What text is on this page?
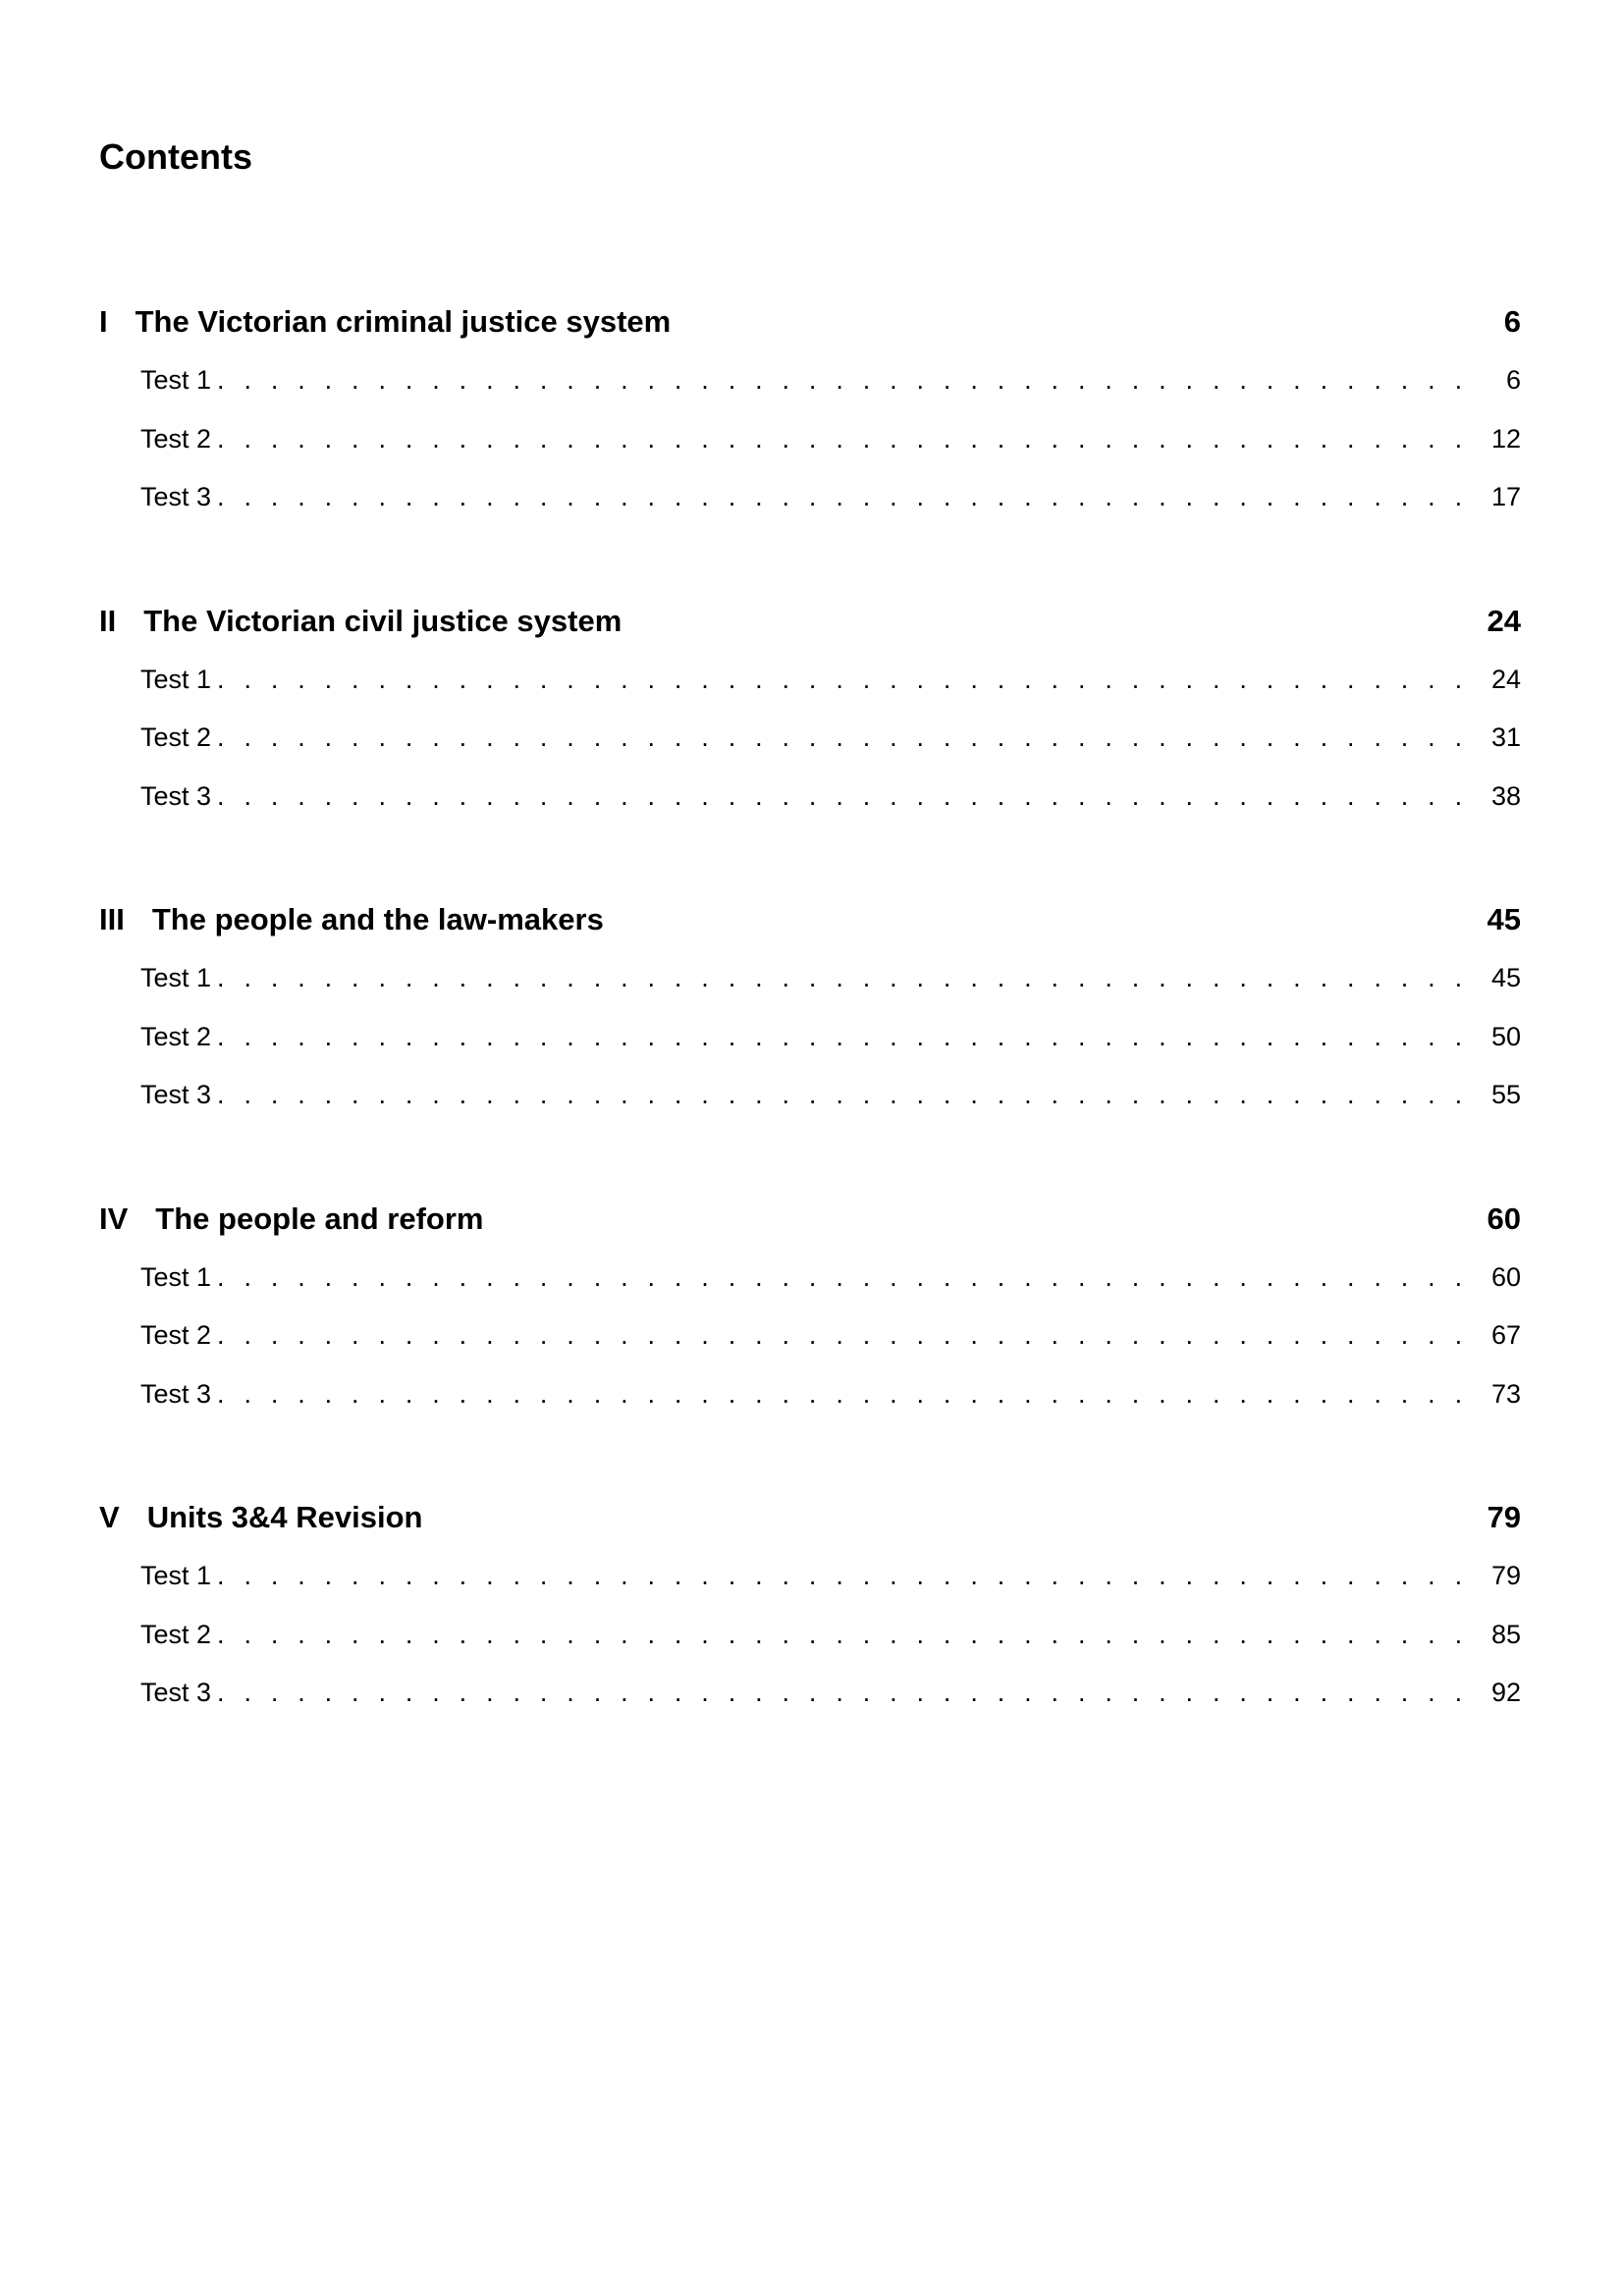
Contents
I The Victorian criminal justice system	6
Test 1 . . .	6
Test 2 . . .	12
Test 3 . . .	17
II The Victorian civil justice system	24
Test 1 . . .	24
Test 2 . . .	31
Test 3 . . .	38
III The people and the law-makers	45
Test 1 . . .	45
Test 2 . . .	50
Test 3 . . .	55
IV The people and reform	60
Test 1 . . .	60
Test 2 . . .	67
Test 3 . . .	73
V Units 3&4 Revision	79
Test 1 . . .	79
Test 2 . . .	85
Test 3 . . .	92
